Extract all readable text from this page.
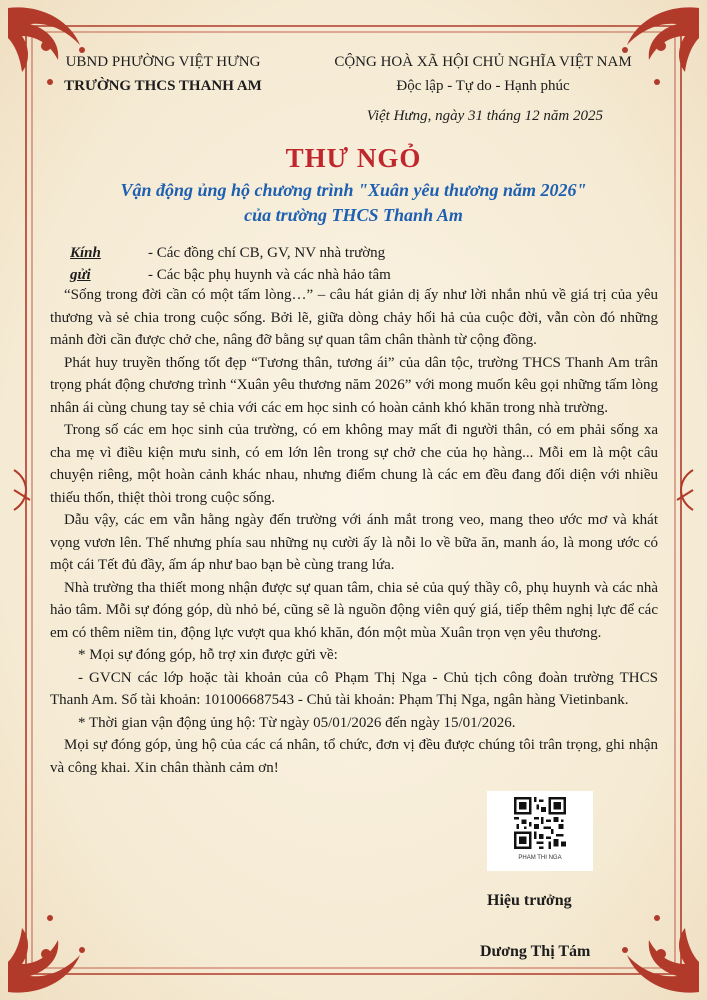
UBND PHƯỜNG VIỆT HƯNG
TRƯỜNG THCS THANH AM
CỘNG HOÀ XÃ HỘI CHỦ NGHĨA VIỆT NAM
Độc lập - Tự do - Hạnh phúc
Việt Hưng, ngày 31 tháng 12 năm 2025
THƯ NGỎ
Vận động ủng hộ chương trình "Xuân yêu thương năm 2026"
của trường THCS Thanh Am
Kính gửi
- Các đồng chí CB, GV, NV nhà trường
- Các bậc phụ huynh và các nhà hảo tâm

“Sống trong đời cần có một tấm lòng…” – câu hát giản dị ấy như lời nhắn nhủ về giá trị của yêu thương và sẻ chia trong cuộc sống. Bởi lẽ, giữa dòng chảy hối hả của cuộc đời, vẫn còn đó những mảnh đời cần được chở che, nâng đỡ bằng sự quan tâm chân thành từ cộng đồng.

Phát huy truyền thống tốt đẹp “Tương thân, tương ái” của dân tộc, trường THCS Thanh Am trân trọng phát động chương trình “Xuân yêu thương năm 2026” với mong muốn kêu gọi những tấm lòng nhân ái cùng chung tay sẻ chia với các em học sinh có hoàn cảnh khó khăn trong nhà trường.

Trong số các em học sinh của trường, có em không may mất đi người thân, có em phải sống xa cha mẹ vì điều kiện mưu sinh, có em lớn lên trong sự chở che của họ hàng... Mỗi em là một câu chuyện riêng, một hoàn cảnh khác nhau, nhưng điểm chung là các em đều đang đối diện với nhiều thiếu thốn, thiệt thòi trong cuộc sống.

Dẫu vậy, các em vẫn hằng ngày đến trường với ánh mắt trong veo, mang theo ước mơ và khát vọng vươn lên. Thế nhưng phía sau những nụ cười ấy là nỗi lo về bữa ăn, manh áo, là mong ước có một cái Tết đủ đầy, ấm áp như bao bạn bè cùng trang lứa.

Nhà trường tha thiết mong nhận được sự quan tâm, chia sẻ của quý thầy cô, phụ huynh và các nhà hảo tâm. Mỗi sự đóng góp, dù nhỏ bé, cũng sẽ là nguồn động viên quý giá, tiếp thêm nghị lực để các em có thêm niềm tin, động lực vượt qua khó khăn, đón một mùa Xuân trọn vẹn yêu thương.

* Mọi sự đóng góp, hỗ trợ xin được gửi về:

- GVCN các lớp hoặc tài khoản của cô Phạm Thị Nga - Chủ tịch công đoàn trường THCS Thanh Am. Số tài khoản: 101006687543 - Chủ tài khoản: Phạm Thị Nga, ngân hàng Vietinbank.

* Thời gian vận động ủng hộ: Từ ngày 05/01/2026 đến ngày 15/01/2026.

Mọi sự đóng góp, ủng hộ của các cá nhân, tổ chức, đơn vị đều được chúng tôi trân trọng, ghi nhận và công khai. Xin chân thành cảm ơn!

PHAM THI NGA
Hiệu trưởng
Dương Thị Tám
